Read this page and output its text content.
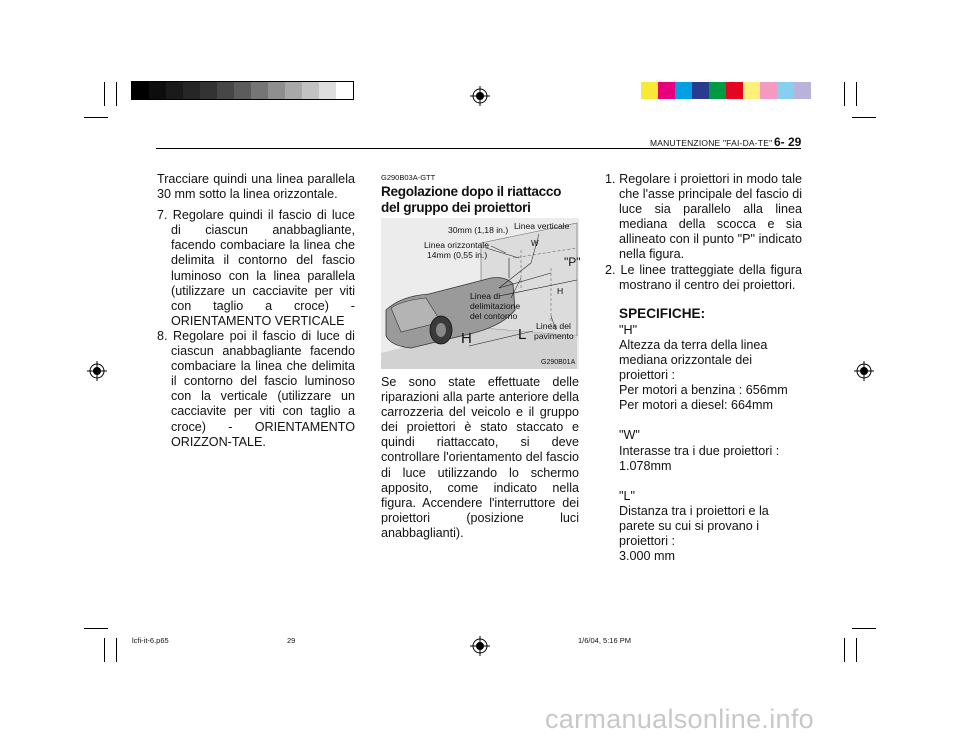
MANUTENZIONE "FAI-DA-TE" 6- 29

Tracciare quindi una linea parallela 30 mm sotto la linea orizzontale.

7. Regolare quindi il fascio di luce di ciascun anabbagliante, facendo combaciare la linea che delimita il contorno del fascio luminoso con la linea parallela (utilizzare un cacciavite per viti con taglio a croce) - ORIENTAMENTO VERTICALE

8. Regolare poi il fascio di luce di ciascun anabbagliante facendo combaciare la linea che delimita il contorno del fascio luminoso con la verticale (utilizzare un cacciavite per viti con taglio a croce) - ORIENTAMENTO ORIZZON-TALE.

G290B03A-GTT
Regolazione dopo il riattacco del gruppo dei proiettori
30mm (1,18 in.) Linea verticale
Linea orizzontale
14mm (0,55 in.)
W
"P"
H
Linea di
delimitazione
del contorno
Linea del
pavimento
H	L
G290B01A

Se sono state effettuate delle riparazioni alla parte anteriore della carrozzeria del veicolo e il gruppo dei proiettori è stato staccato e quindi riattaccato, si deve controllare l'orientamento del fascio di luce utilizzando lo schermo apposito, come indicato nella figura. Accendere l'interruttore dei proiettori (posizione luci anabbaglianti).

1. Regolare i proiettori in modo tale che l'asse principale del fascio di luce sia parallelo alla linea mediana della scocca e sia allineato con il punto "P" indicato nella figura.

2. Le linee tratteggiate della figura mostrano il centro dei proiettori.

SPECIFICHE:

"H"

Altezza da terra della linea mediana orizzontale dei proiettori :

Per motori a benzina : 656mm

Per motori a diesel: 664mm

"W"

Interasse tra i due proiettori :

1.078mm

"L"

Distanza tra i proiettori e la parete su cui si provano i proiettori :

3.000 mm

lcfi-it-6.p65	29	1/6/04, 5:16 PM
carmanualsonline.info
